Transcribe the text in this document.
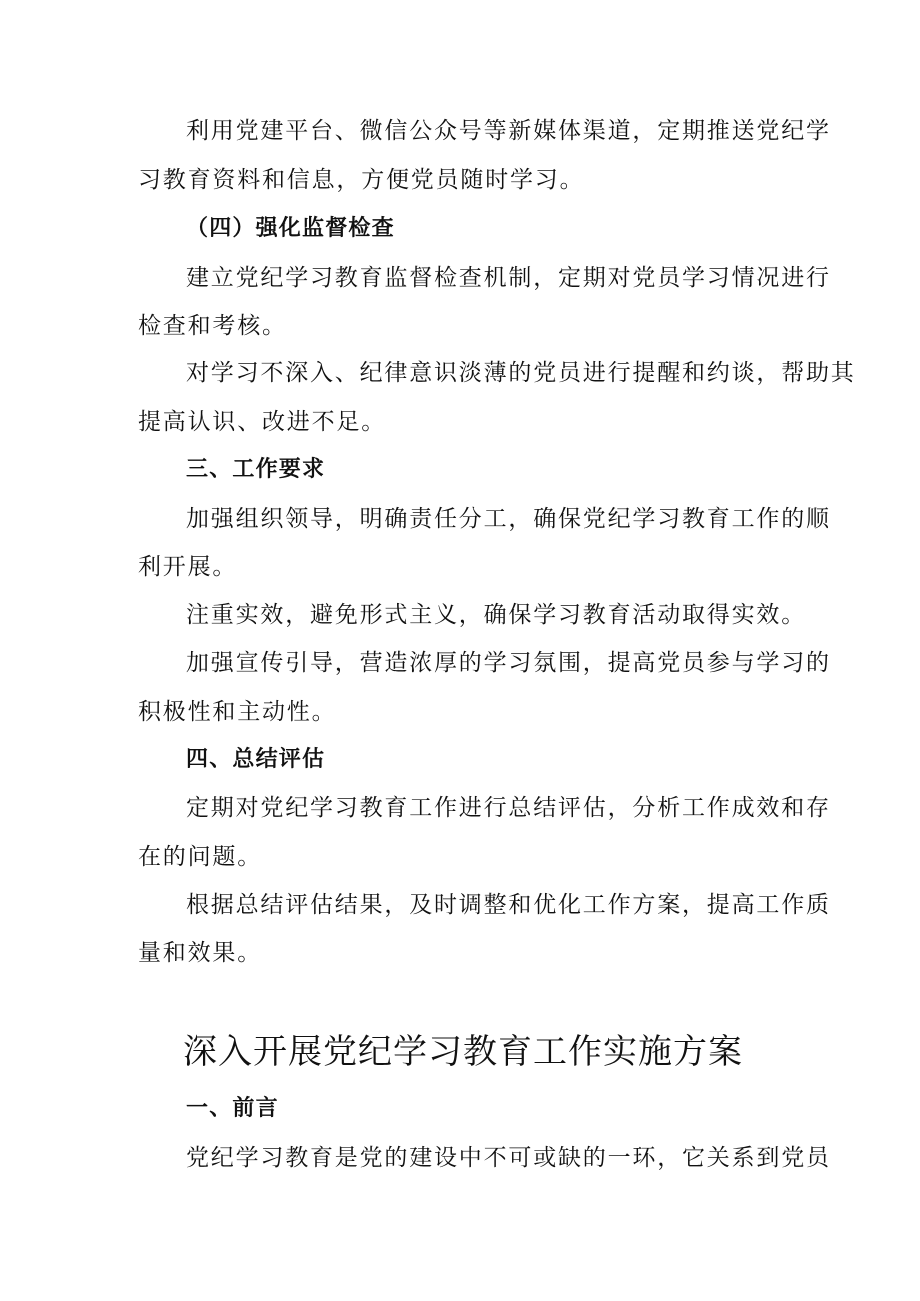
利用党建平台、微信公众号等新媒体渠道，定期推送党纪学
习教育资料和信息，方便党员随时学习。
（四）强化监督检查
建立党纪学习教育监督检查机制，定期对党员学习情况进行
检查和考核。
对学习不深入、纪律意识淡薄的党员进行提醒和约谈，帮助其
提高认识、改进不足。
三、工作要求
加强组织领导，明确责任分工，确保党纪学习教育工作的顺
利开展。
注重实效，避免形式主义，确保学习教育活动取得实效。
加强宣传引导，营造浓厚的学习氛围，提高党员参与学习的
积极性和主动性。
四、总结评估
定期对党纪学习教育工作进行总结评估，分析工作成效和存
在的问题。
根据总结评估结果，及时调整和优化工作方案，提高工作质
量和效果。
深入开展党纪学习教育工作实施方案
一、前言
党纪学习教育是党的建设中不可或缺的一环，它关系到党员
